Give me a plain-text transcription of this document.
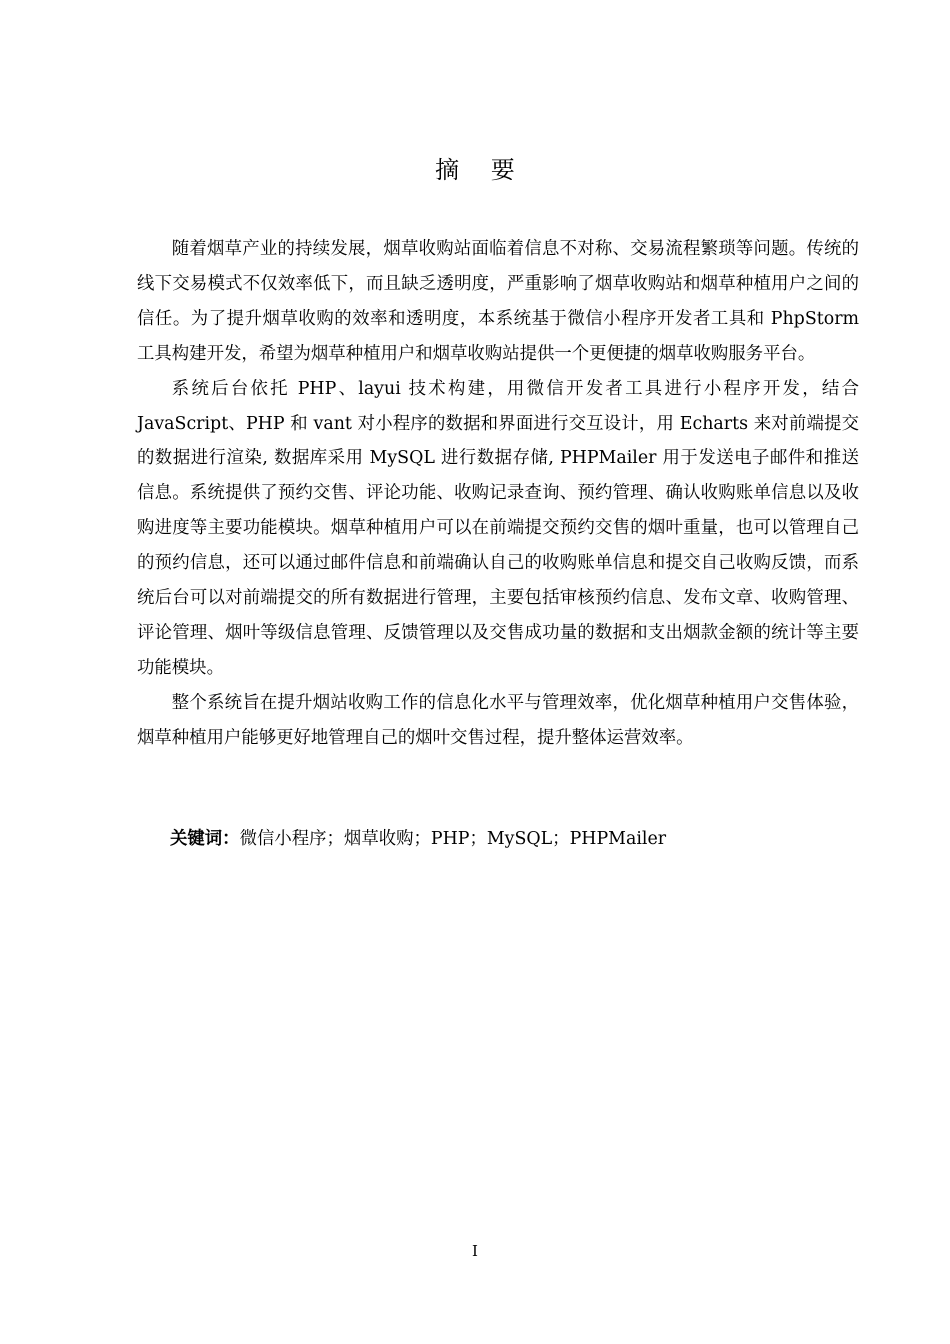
摘 要

随着烟草产业的持续发展，烟草收购站面临着信息不对称、交易流程繁琐等问题。传统的线下交易模式不仅效率低下，而且缺乏透明度，严重影响了烟草收购站和烟草种植用户之间的信任。为了提升烟草收购的效率和透明度，本系统基于微信小程序开发者工具和 PhpStorm 工具构建开发，希望为烟草种植用户和烟草收购站提供一个更便捷的烟草收购服务平台。

系统后台依托 PHP、layui 技术构建，用微信开发者工具进行小程序开发，结合 JavaScript、PHP 和 vant 对小程序的数据和界面进行交互设计，用 Echarts 来对前端提交的数据进行渲染, 数据库采用 MySQL 进行数据存储, PHPMailer 用于发送电子邮件和推送信息。系统提供了预约交售、评论功能、收购记录查询、预约管理、确认收购账单信息以及收购进度等主要功能模块。烟草种植用户可以在前端提交预约交售的烟叶重量，也可以管理自己的预约信息，还可以通过邮件信息和前端确认自己的收购账单信息和提交自己收购反馈，而系统后台可以对前端提交的所有数据进行管理，主要包括审核预约信息、发布文章、收购管理、评论管理、烟叶等级信息管理、反馈管理以及交售成功量的数据和支出烟款金额的统计等主要功能模块。

整个系统旨在提升烟站收购工作的信息化水平与管理效率，优化烟草种植用户交售体验，烟草种植用户能够更好地管理自己的烟叶交售过程，提升整体运营效率。

关键词：微信小程序；烟草收购；PHP；MySQL；PHPMailer
I
